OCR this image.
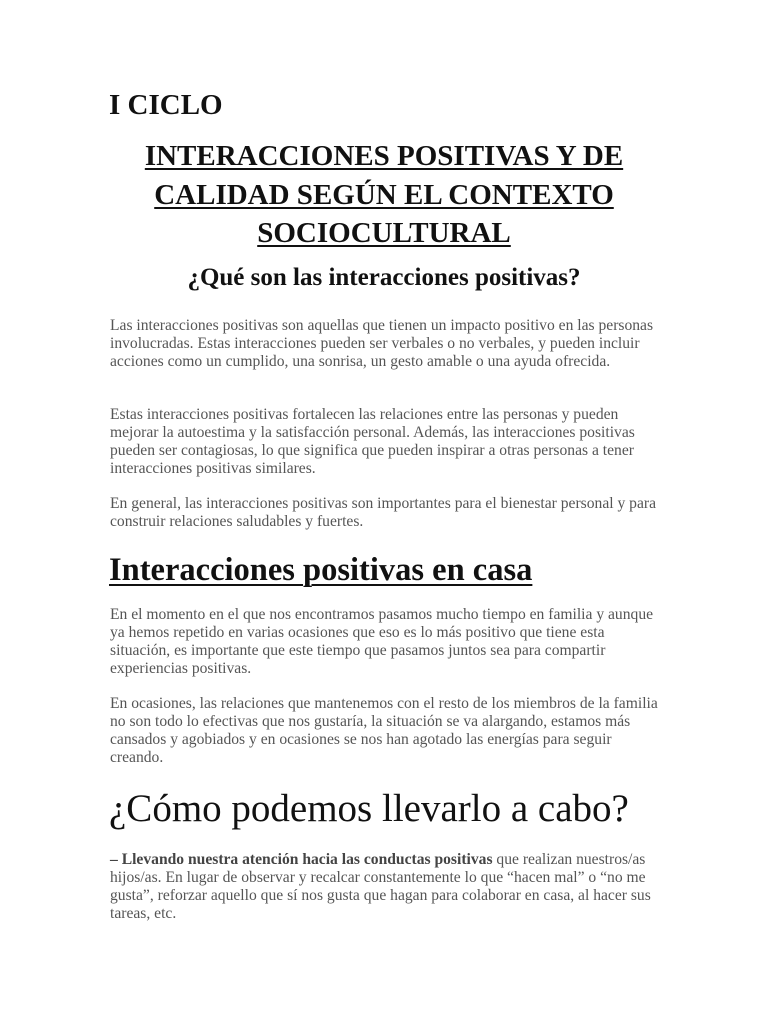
I CICLO
INTERACCIONES POSITIVAS Y DE CALIDAD SEGÚN EL CONTEXTO SOCIOCULTURAL
¿Qué son las interacciones positivas?

Las interacciones positivas son aquellas que tienen un impacto positivo en las personas involucradas. Estas interacciones pueden ser verbales o no verbales, y pueden incluir acciones como un cumplido, una sonrisa, un gesto amable o una ayuda ofrecida.

Estas interacciones positivas fortalecen las relaciones entre las personas y pueden mejorar la autoestima y la satisfacción personal. Además, las interacciones positivas pueden ser contagiosas, lo que significa que pueden inspirar a otras personas a tener interacciones positivas similares.

En general, las interacciones positivas son importantes para el bienestar personal y para construir relaciones saludables y fuertes.

Interacciones positivas en casa

En el momento en el que nos encontramos pasamos mucho tiempo en familia y aunque ya hemos repetido en varias ocasiones que eso es lo más positivo que tiene esta situación, es importante que este tiempo que pasamos juntos sea para compartir experiencias positivas.

En ocasiones, las relaciones que mantenemos con el resto de los miembros de la familia no son todo lo efectivas que nos gustaría, la situación se va alargando, estamos más cansados y agobiados y en ocasiones se nos han agotado las energías para seguir creando.

¿Cómo podemos llevarlo a cabo?

– Llevando nuestra atención hacia las conductas positivas que realizan nuestros/as hijos/as. En lugar de observar y recalcar constantemente lo que “hacen mal” o “no me gusta”, reforzar aquello que sí nos gusta que hagan para colaborar en casa, al hacer sus tareas, etc.
